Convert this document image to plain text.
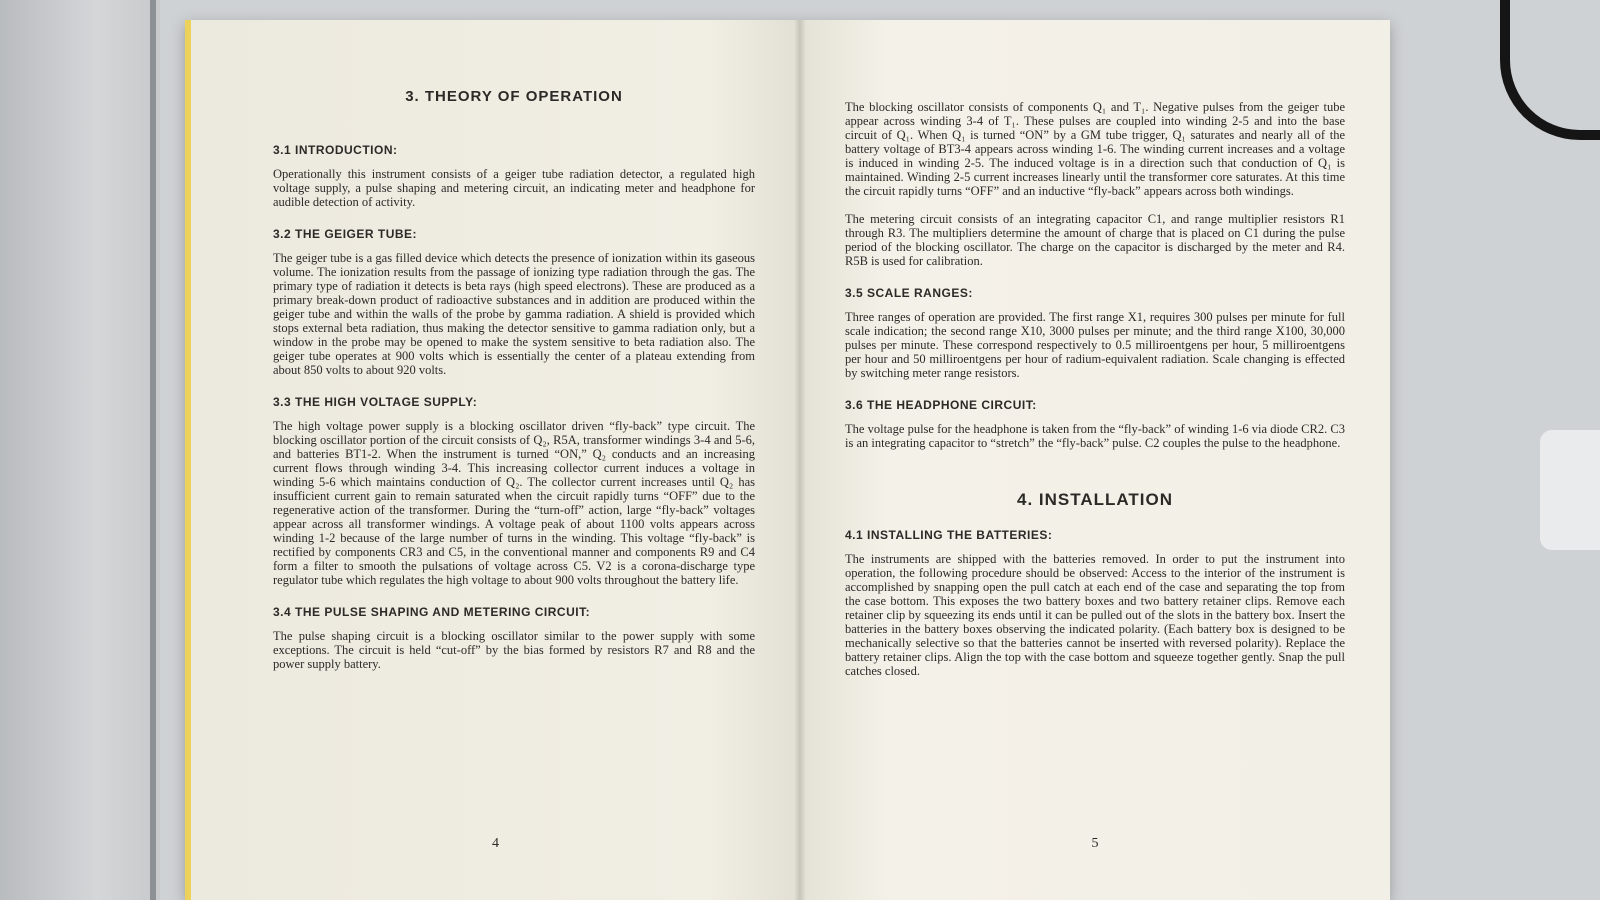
3. THEORY OF OPERATION
3.1 INTRODUCTION:

Operationally this instrument consists of a geiger tube radiation detector, a regulated high voltage supply, a pulse shaping and metering circuit, an indicating meter and headphone for audible detection of activity.

3.2 THE GEIGER TUBE:

The geiger tube is a gas filled device which detects the presence of ionization within its gaseous volume. The ionization results from the passage of ionizing type radiation through the gas. The primary type of radiation it detects is beta rays (high speed electrons). These are produced as a primary break-down product of radioactive substances and in addition are produced within the geiger tube and within the walls of the probe by gamma radiation. A shield is provided which stops external beta radiation, thus making the detector sensitive to gamma radiation only, but a window in the probe may be opened to make the system sensitive to beta radiation also. The geiger tube operates at 900 volts which is essentially the center of a plateau extending from about 850 volts to about 920 volts.

3.3 THE HIGH VOLTAGE SUPPLY:

The high voltage power supply is a blocking oscillator driven “fly-back” type circuit. The blocking oscillator portion of the circuit consists of Q₂, R5A, transformer windings 3-4 and 5-6, and batteries BT1-2. When the instrument is turned “ON,” Q₂ conducts and an increasing current flows through winding 3-4. This increasing collector current induces a voltage in winding 5-6 which maintains conduction of Q₂. The collector current increases until Q₂ has insufficient current gain to remain saturated when the circuit rapidly turns “OFF” due to the regenerative action of the transformer. During the “turn-off” action, large “fly-back” voltages appear across all transformer windings. A voltage peak of about 1100 volts appears across winding 1-2 because of the large number of turns in the winding. This voltage “fly-back” is rectified by components CR3 and C5, in the conventional manner and components R9 and C4 form a filter to smooth the pulsations of voltage across C5. V2 is a corona-discharge type regulator tube which regulates the high voltage to about 900 volts throughout the battery life.

3.4 THE PULSE SHAPING AND METERING CIRCUIT:

The pulse shaping circuit is a blocking oscillator similar to the power supply with some exceptions. The circuit is held “cut-off” by the bias formed by resistors R7 and R8 and the power supply battery.

4

The blocking oscillator consists of components Q₁ and T₁. Negative pulses from the geiger tube appear across winding 3-4 of T₁. These pulses are coupled into winding 2-5 and into the base circuit of Q₁. When Q₁ is turned “ON” by a GM tube trigger, Q₁ saturates and nearly all of the battery voltage of BT3-4 appears across winding 1-6. The winding current increases and a voltage is induced in winding 2-5. The induced voltage is in a direction such that conduction of Q₁ is maintained. Winding 2-5 current increases linearly until the transformer core saturates. At this time the circuit rapidly turns “OFF” and an inductive “fly-back” appears across both windings.

The metering circuit consists of an integrating capacitor C1, and range multiplier resistors R1 through R3. The multipliers determine the amount of charge that is placed on C1 during the pulse period of the blocking oscillator. The charge on the capacitor is discharged by the meter and R4. R5B is used for calibration.

3.5 SCALE RANGES:

Three ranges of operation are provided. The first range X1, requires 300 pulses per minute for full scale indication; the second range X10, 3000 pulses per minute; and the third range X100, 30,000 pulses per minute. These correspond respectively to 0.5 milliroentgens per hour, 5 milliroentgens per hour and 50 milliroentgens per hour of radium-equivalent radiation. Scale changing is effected by switching meter range resistors.

3.6 THE HEADPHONE CIRCUIT:

The voltage pulse for the headphone is taken from the “fly-back” of winding 1-6 via diode CR2. C3 is an integrating capacitor to “stretch” the “fly-back” pulse. C2 couples the pulse to the headphone.

4. INSTALLATION
4.1 INSTALLING THE BATTERIES:

The instruments are shipped with the batteries removed. In order to put the instrument into operation, the following procedure should be observed: Access to the interior of the instrument is accomplished by snapping open the pull catch at each end of the case and separating the top from the case bottom. This exposes the two battery boxes and two battery retainer clips. Remove each retainer clip by squeezing its ends until it can be pulled out of the slots in the battery box. Insert the batteries in the battery boxes observing the indicated polarity. (Each battery box is designed to be mechanically selective so that the batteries cannot be inserted with reversed polarity). Replace the battery retainer clips. Align the top with the case bottom and squeeze together gently. Snap the pull catches closed.

5
